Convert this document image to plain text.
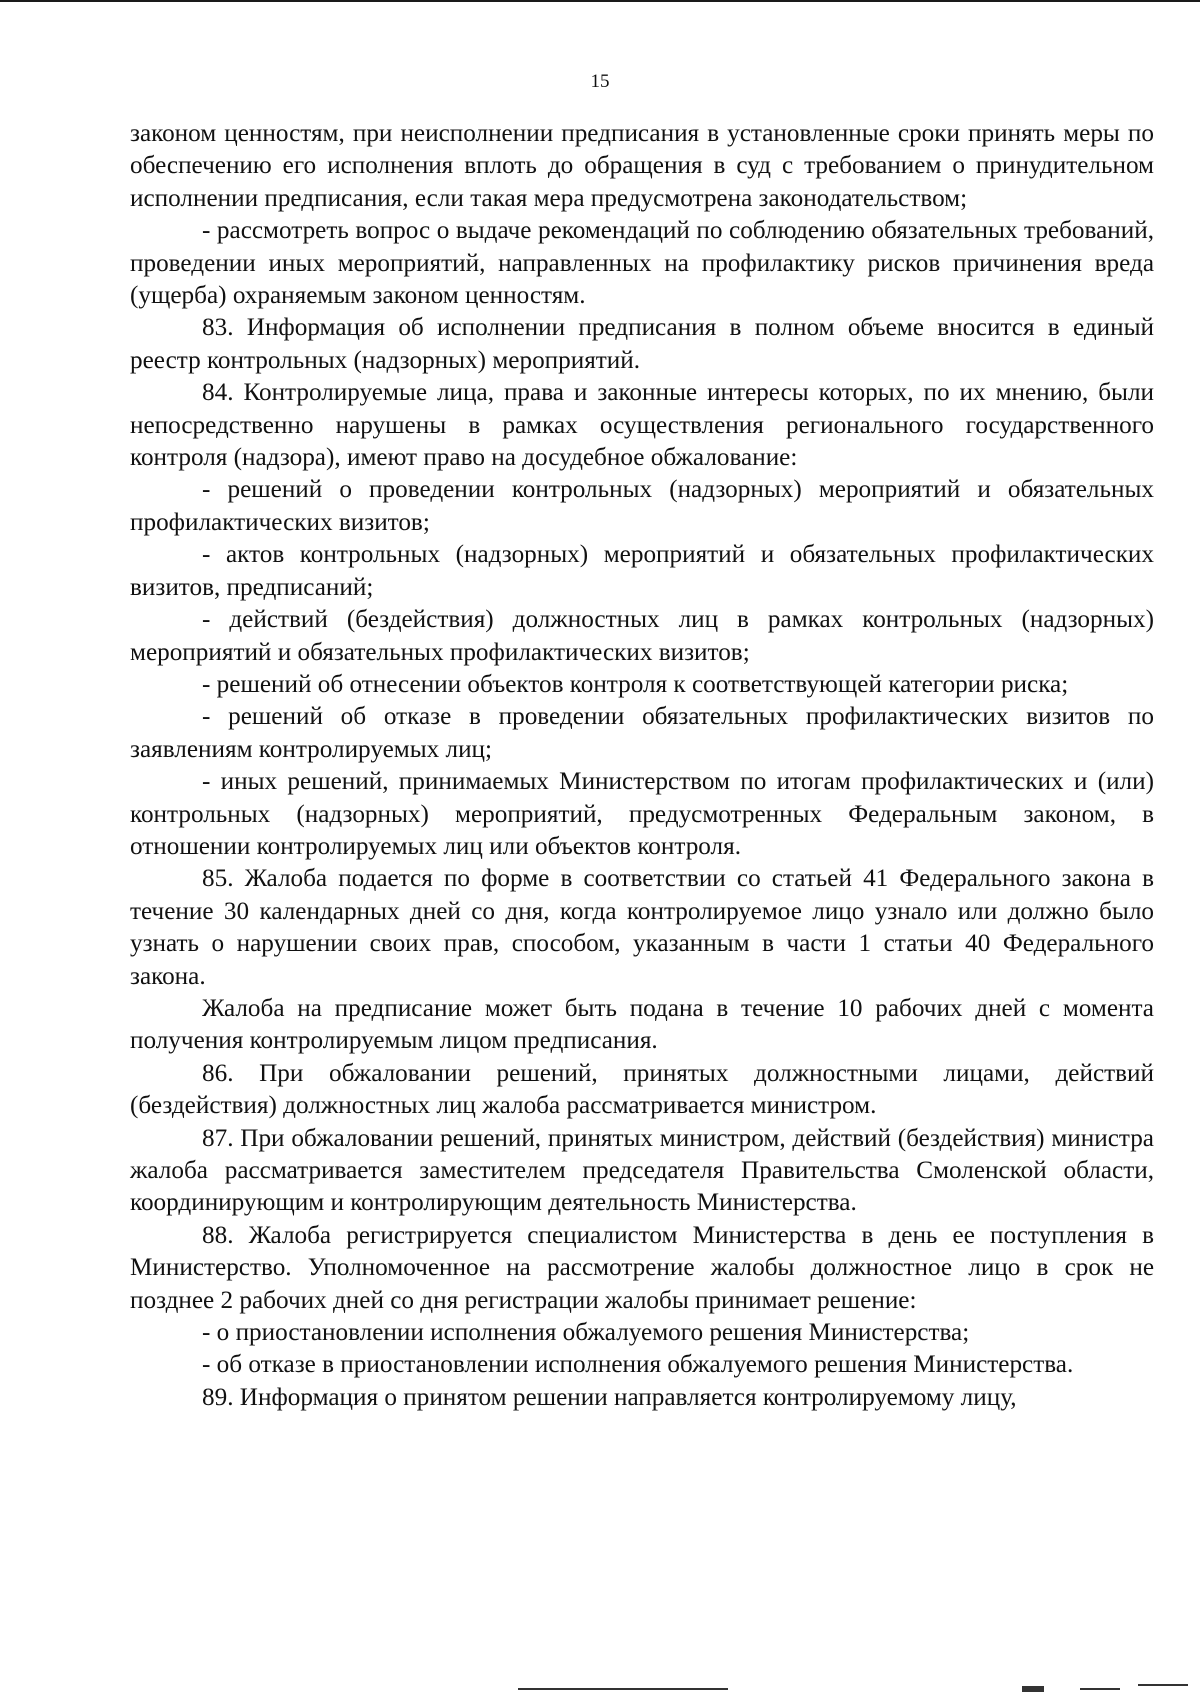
15

законом ценностям, при неисполнении предписания в установленные сроки принять меры по обеспечению его исполнения вплоть до обращения в суд с требованием о принудительном исполнении предписания, если такая мера предусмотрена законодательством;

- рассмотреть вопрос о выдаче рекомендаций по соблюдению обязательных требований, проведении иных мероприятий, направленных на профилактику рисков причинения вреда (ущерба) охраняемым законом ценностям.

83. Информация об исполнении предписания в полном объеме вносится в единый реестр контрольных (надзорных) мероприятий.

84. Контролируемые лица, права и законные интересы которых, по их мнению, были непосредственно нарушены в рамках осуществления регионального государственного контроля (надзора), имеют право на досудебное обжалование:

- решений о проведении контрольных (надзорных) мероприятий и обязательных профилактических визитов;

- актов контрольных (надзорных) мероприятий и обязательных профилактических визитов, предписаний;

- действий (бездействия) должностных лиц в рамках контрольных (надзорных) мероприятий и обязательных профилактических визитов;

- решений об отнесении объектов контроля к соответствующей категории риска;

- решений об отказе в проведении обязательных профилактических визитов по заявлениям контролируемых лиц;

- иных решений, принимаемых Министерством по итогам профилактических и (или) контрольных (надзорных) мероприятий, предусмотренных Федеральным законом, в отношении контролируемых лиц или объектов контроля.

85. Жалоба подается по форме в соответствии со статьей 41 Федерального закона в течение 30 календарных дней со дня, когда контролируемое лицо узнало или должно было узнать о нарушении своих прав, способом, указанным в части 1 статьи 40 Федерального закона.

Жалоба на предписание может быть подана в течение 10 рабочих дней с момента получения контролируемым лицом предписания.

86. При обжаловании решений, принятых должностными лицами, действий (бездействия) должностных лиц жалоба рассматривается министром.

87. При обжаловании решений, принятых министром, действий (бездействия) министра жалоба рассматривается заместителем председателя Правительства Смоленской области, координирующим и контролирующим деятельность Министерства.

88. Жалоба регистрируется специалистом Министерства в день ее поступления в Министерство. Уполномоченное на рассмотрение жалобы должностное лицо в срок не позднее 2 рабочих дней со дня регистрации жалобы принимает решение:

- о приостановлении исполнения обжалуемого решения Министерства;

- об отказе в приостановлении исполнения обжалуемого решения Министерства.

89. Информация о принятом решении направляется контролируемому лицу,
